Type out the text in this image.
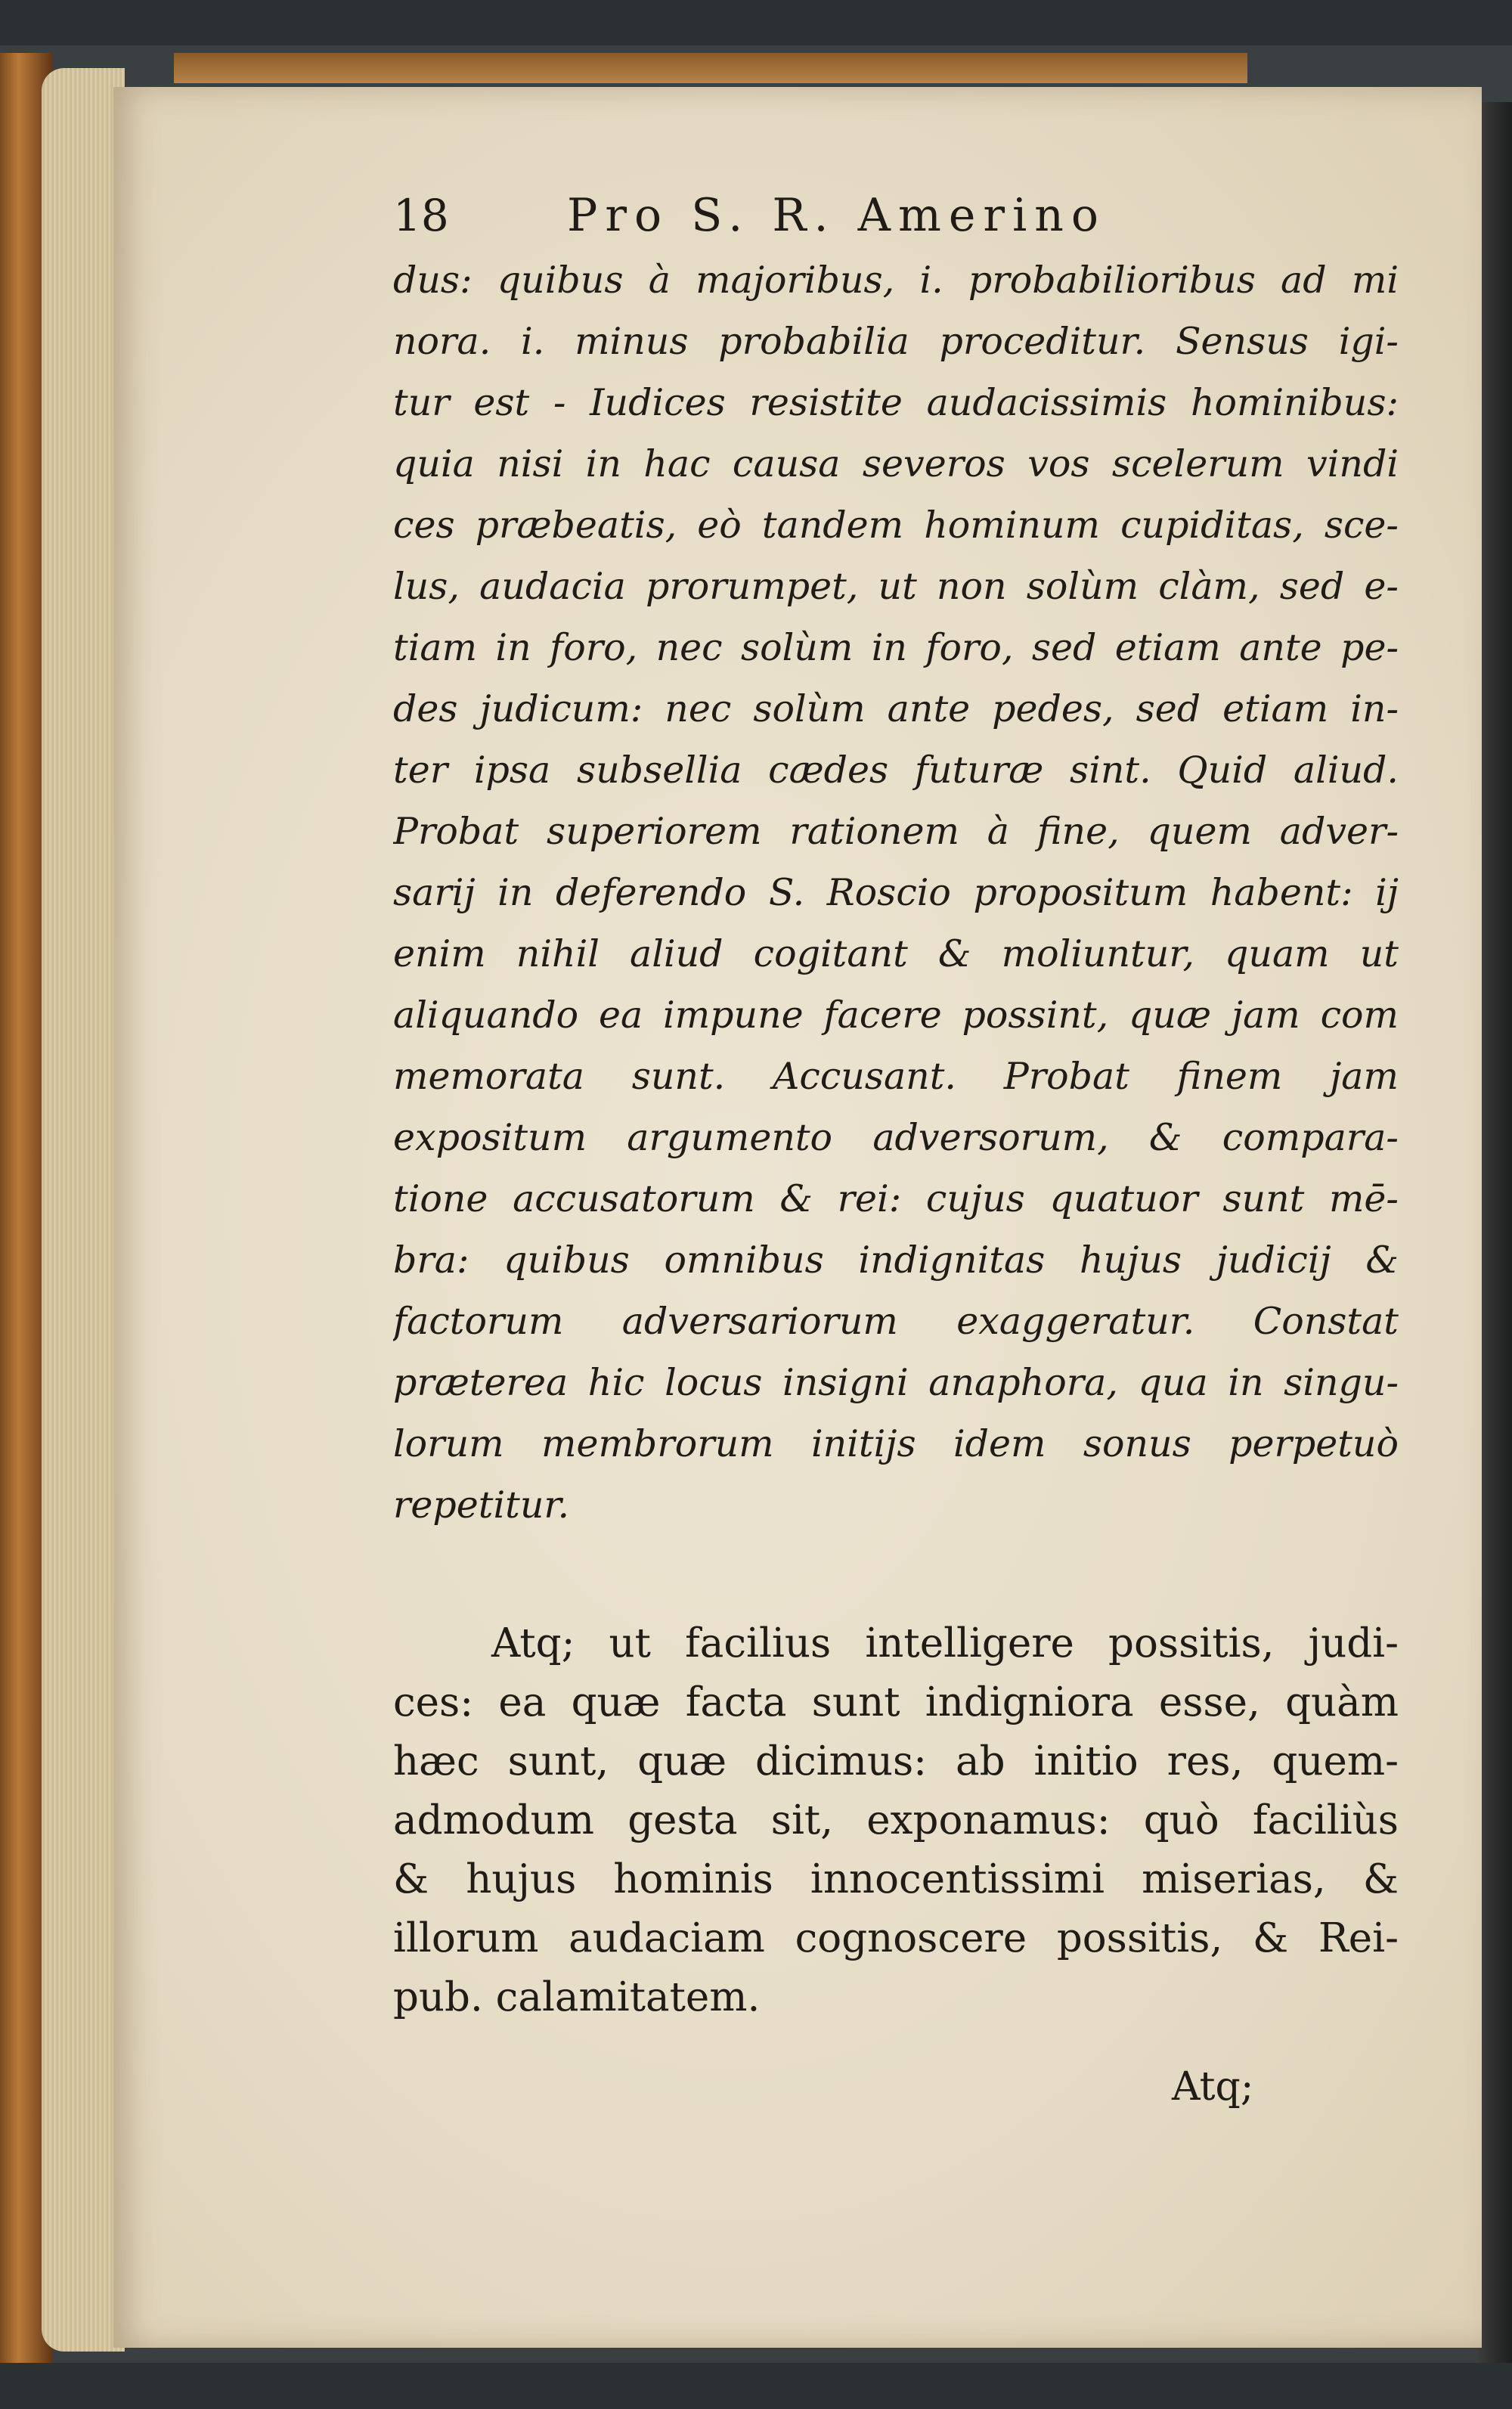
18	Pro S. R. Amerino
dus: quibus à majoribus, i. probabilioribus ad mi
nora. i. minus probabilia proceditur. Sensus igi-
tur est - Iudices resistite audacissimis hominibus:
quia nisi in hac causa severos vos scelerum vindi
ces præbeatis, eò tandem hominum cupiditas, sce-
lus, audacia prorumpet, ut non solùm clàm, sed e-
tiam in foro, nec solùm in foro, sed etiam ante pe-
des judicum: nec solùm ante pedes, sed etiam in-
ter ipsa subsellia cædes futuræ sint. Quid aliud.
Probat superiorem rationem à fine, quem adver-
sarij in deferendo S. Roscio propositum habent: ij
enim nihil aliud cogitant & moliuntur, quam ut
aliquando ea impune facere possint, quæ jam com
memorata sunt. Accusant. Probat finem jam
expositum argumento adversorum, & compara-
tione accusatorum & rei: cujus quatuor sunt mē-
bra: quibus omnibus indignitas hujus judicij &
factorum adversariorum exaggeratur. Constat
præterea hic locus insigni anaphora, qua in singu-
lorum membrorum initijs idem sonus perpetuò
repetitur.
Atq; ut facilius intelligere possitis, judi-
ces: ea quæ facta sunt indigniora esse, quàm
hæc sunt, quæ dicimus: ab initio res, quem-
admodum gesta sit, exponamus: quò faciliùs
& hujus hominis innocentissimi miserias, &
illorum audaciam cognoscere possitis, & Rei-
pub. calamitatem.
Atq;
